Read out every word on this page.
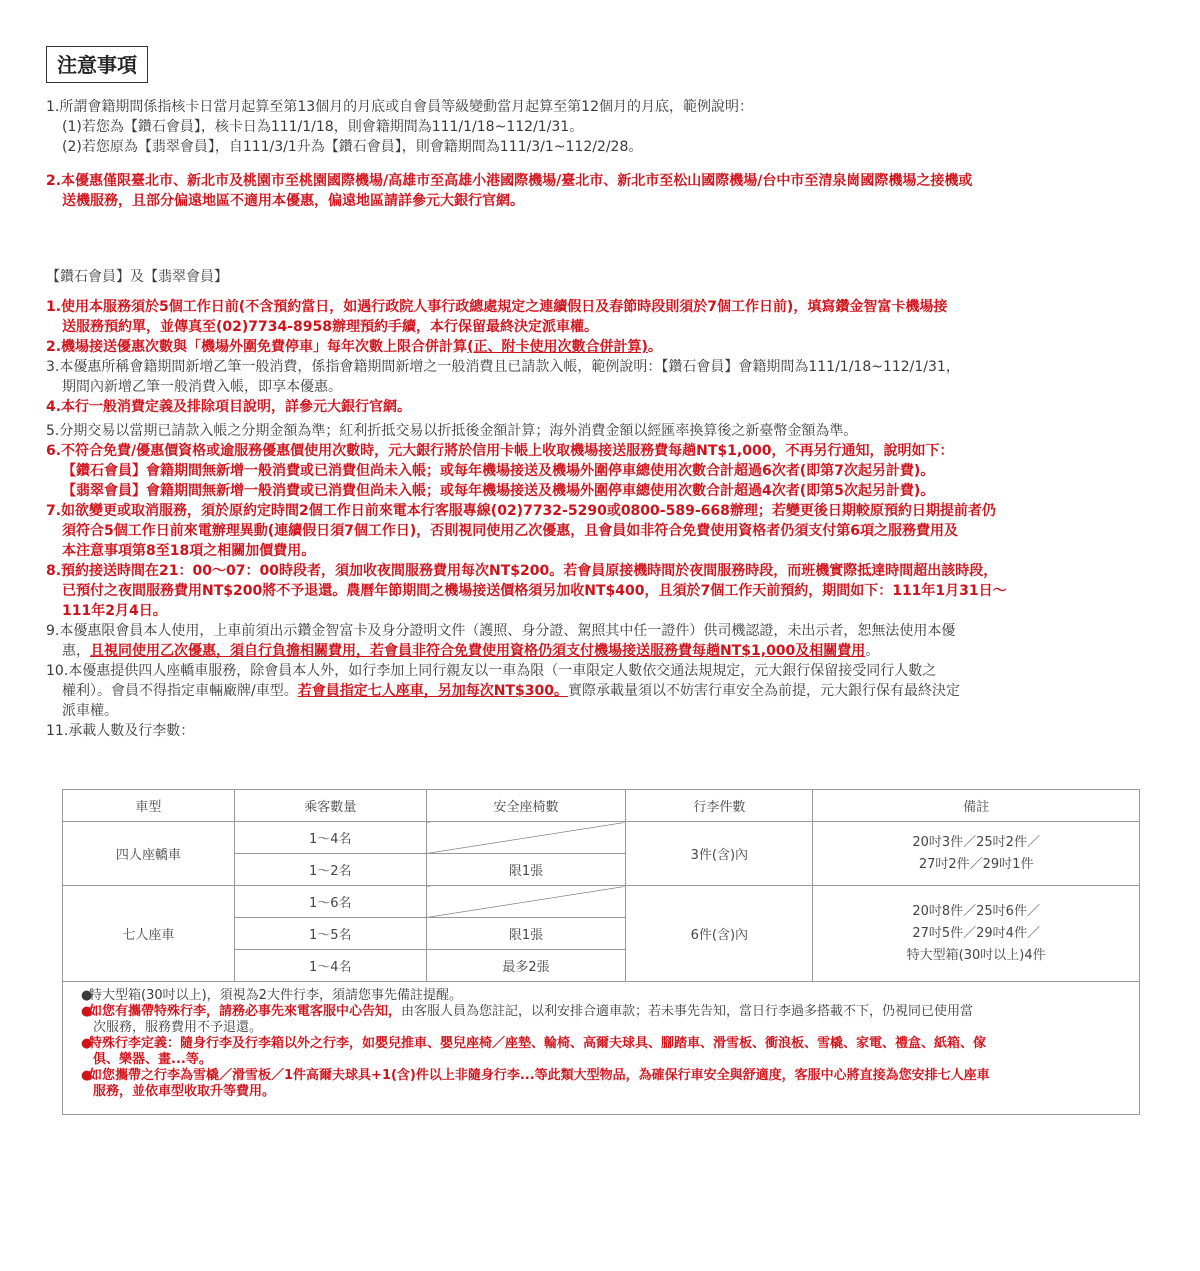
注意事項
1.所謂會籍期間係指核卡日當月起算至第13個月的月底或自會員等級變動當月起算至第12個月的月底，範例說明：
(1)若您為【鑽石會員】，核卡日為111/1/18，則會籍期間為111/1/18~112/1/31。
(2)若您原為【翡翠會員】，自111/3/1升為【鑽石會員】，則會籍期間為111/3/1~112/2/28。
2.本優惠僅限臺北市、新北市及桃園市至桃園國際機場/高雄市至高雄小港國際機場/臺北市、新北市至松山國際機場/台中市至清泉崗國際機場之接機或
送機服務，且部分偏遠地區不適用本優惠，偏遠地區請詳參元大銀行官網。
【鑽石會員】及【翡翠會員】
1.使用本服務須於5個工作日前(不含預約當日，如遇行政院人事行政總處規定之連續假日及春節時段則須於7個工作日前)，填寫鑽金智富卡機場接
送服務預約單，並傳真至(02)7734-8958辦理預約手續，本行保留最終決定派車權。
2.機場接送優惠次數與「機場外圍免費停車」每年次數上限合併計算(正、附卡使用次數合併計算)。
3.本優惠所稱會籍期間新增乙筆一般消費，係指會籍期間新增之一般消費且已請款入帳，範例說明：【鑽石會員】會籍期間為111/1/18~112/1/31，
期間內新增乙筆一般消費入帳，即享本優惠。
4.本行一般消費定義及排除項目說明，詳參元大銀行官網。
5.分期交易以當期已請款入帳之分期金額為準；紅利折抵交易以折抵後金額計算；海外消費金額以經匯率換算後之新臺幣金額為準。
6.不符合免費/優惠價資格或逾服務優惠價使用次數時，元大銀行將於信用卡帳上收取機場接送服務費每趟NT$1,000，不再另行通知，說明如下：
【鑽石會員】會籍期間無新增一般消費或已消費但尚未入帳；或每年機場接送及機場外圍停車總使用次數合計超過6次者(即第7次起另計費)。
【翡翠會員】會籍期間無新增一般消費或已消費但尚未入帳；或每年機場接送及機場外圍停車總使用次數合計超過4次者(即第5次起另計費)。
7.如欲變更或取消服務，須於原約定時間2個工作日前來電本行客服專線(02)7732-5290或0800-589-668辦理；若變更後日期較原預約日期提前者仍
須符合5個工作日前來電辦理異動(連續假日須7個工作日)，否則視同使用乙次優惠，且會員如非符合免費使用資格者仍須支付第6項之服務費用及
本注意事項第8至18項之相關加價費用。
8.預約接送時間在21：00～07：00時段者，須加收夜間服務費用每次NT$200。若會員原接機時間於夜間服務時段，而班機實際抵達時間超出該時段，
已預付之夜間服務費用NT$200將不予退還。農曆年節期間之機場接送價格須另加收NT$400，且須於7個工作天前預約，期間如下：111年1月31日～
111年2月4日。
9.本優惠限會員本人使用，上車前須出示鑽金智富卡及身分證明文件（護照、身分證、駕照其中任一證件）供司機認證，未出示者，恕無法使用本優
惠，且視同使用乙次優惠，須自行負擔相關費用，若會員非符合免費使用資格仍須支付機場接送服務費每趟NT$1,000及相關費用。
10.本優惠提供四人座轎車服務，除會員本人外，如行李加上同行親友以一車為限（一車限定人數依交通法規規定，元大銀行保留接受同行人數之
權利）。會員不得指定車輛廠牌/車型。若會員指定七人座車，另加每次NT$300。實際承載量須以不妨害行車安全為前提，元大銀行保有最終決定
派車權。
11.承載人數及行李數：
車型	乘客數量	安全座椅數	行李件數	備註
四人座轎車	1～4名		3件(含)內	20吋3件／25吋2件／
27吋2件／29吋1件

	1～2名	限1張		
七人座車	1～6名		6件(含)內	20吋8件／25吋6件／
27吋5件／29吋4件／
特大型箱(30吋以上)4件

	1～5名	限1張		
	1～4名	最多2張		
●特大型箱(30吋以上)，須視為2大件行李，須請您事先備註提醒。
●如您有攜帶特殊行李，請務必事先來電客服中心告知，由客服人員為您註記，以利安排合適車款；若未事先告知，當日行李過多搭載不下，仍視同已使用當
次服務，服務費用不予退還。
●特殊行李定義：隨身行李及行李箱以外之行李，如嬰兒推車、嬰兒座椅／座墊、輪椅、高爾夫球具、腳踏車、滑雪板、衝浪板、雪橇、家電、禮盒、紙箱、傢
俱、樂器、畫...等。
●如您攜帶之行李為雪橇／滑雪板／1件高爾夫球具+1(含)件以上非隨身行李...等此類大型物品，為確保行車安全與舒適度，客服中心將直接為您安排七人座車
服務，並依車型收取升等費用。
